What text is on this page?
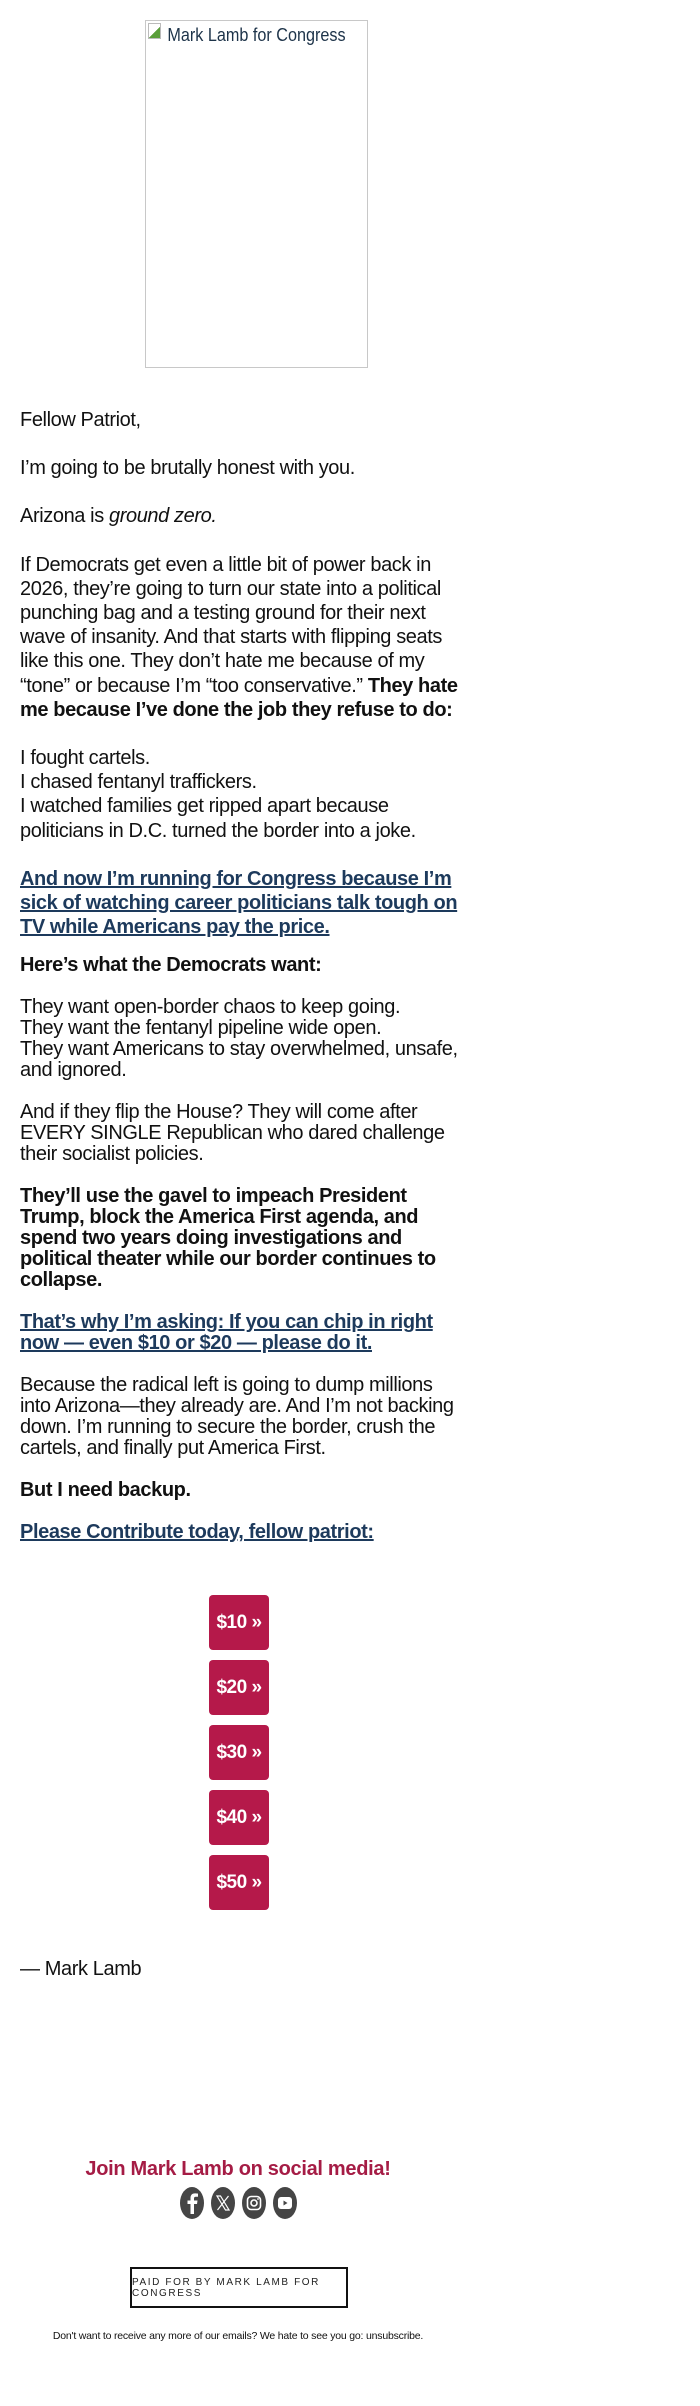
Mark Lamb for Congress

Fellow Patriot,

I’m going to be brutally honest with you.

Arizona is ground zero.

If Democrats get even a little bit of power back in 2026, they’re going to turn our state into a political punching bag and a testing ground for their next wave of insanity. And that starts with flipping seats like this one. They don’t hate me because of my “tone” or because I’m “too conservative.” They hate me because I’ve done the job they refuse to do:

I fought cartels.
I chased fentanyl traffickers.
I watched families get ripped apart because politicians in D.C. turned the border into a joke.

And now I’m running for Congress because I’m sick of watching career politicians talk tough on TV while Americans pay the price.

Here’s what the Democrats want:

They want open-border chaos to keep going.
They want the fentanyl pipeline wide open.
They want Americans to stay overwhelmed, unsafe, and ignored.

And if they flip the House? They will come after EVERY SINGLE Republican who dared challenge their socialist policies.

They’ll use the gavel to impeach President Trump, block the America First agenda, and spend two years doing investigations and political theater while our border continues to collapse.

That’s why I’m asking: If you can chip in right now — even $10 or $20 — please do it.

Because the radical left is going to dump millions into Arizona—they already are. And I’m not backing down. I’m running to secure the border, crush the cartels, and finally put America First.

But I need backup.

Please Contribute today, fellow patriot:

$10 »
$20 »
$30 »
$40 »
$50 »
— Mark Lamb
Join Mark Lamb on social media!
PAID FOR BY MARK LAMB FOR CONGRESS
Don't want to receive any more of our emails? We hate to see you go: unsubscribe.
